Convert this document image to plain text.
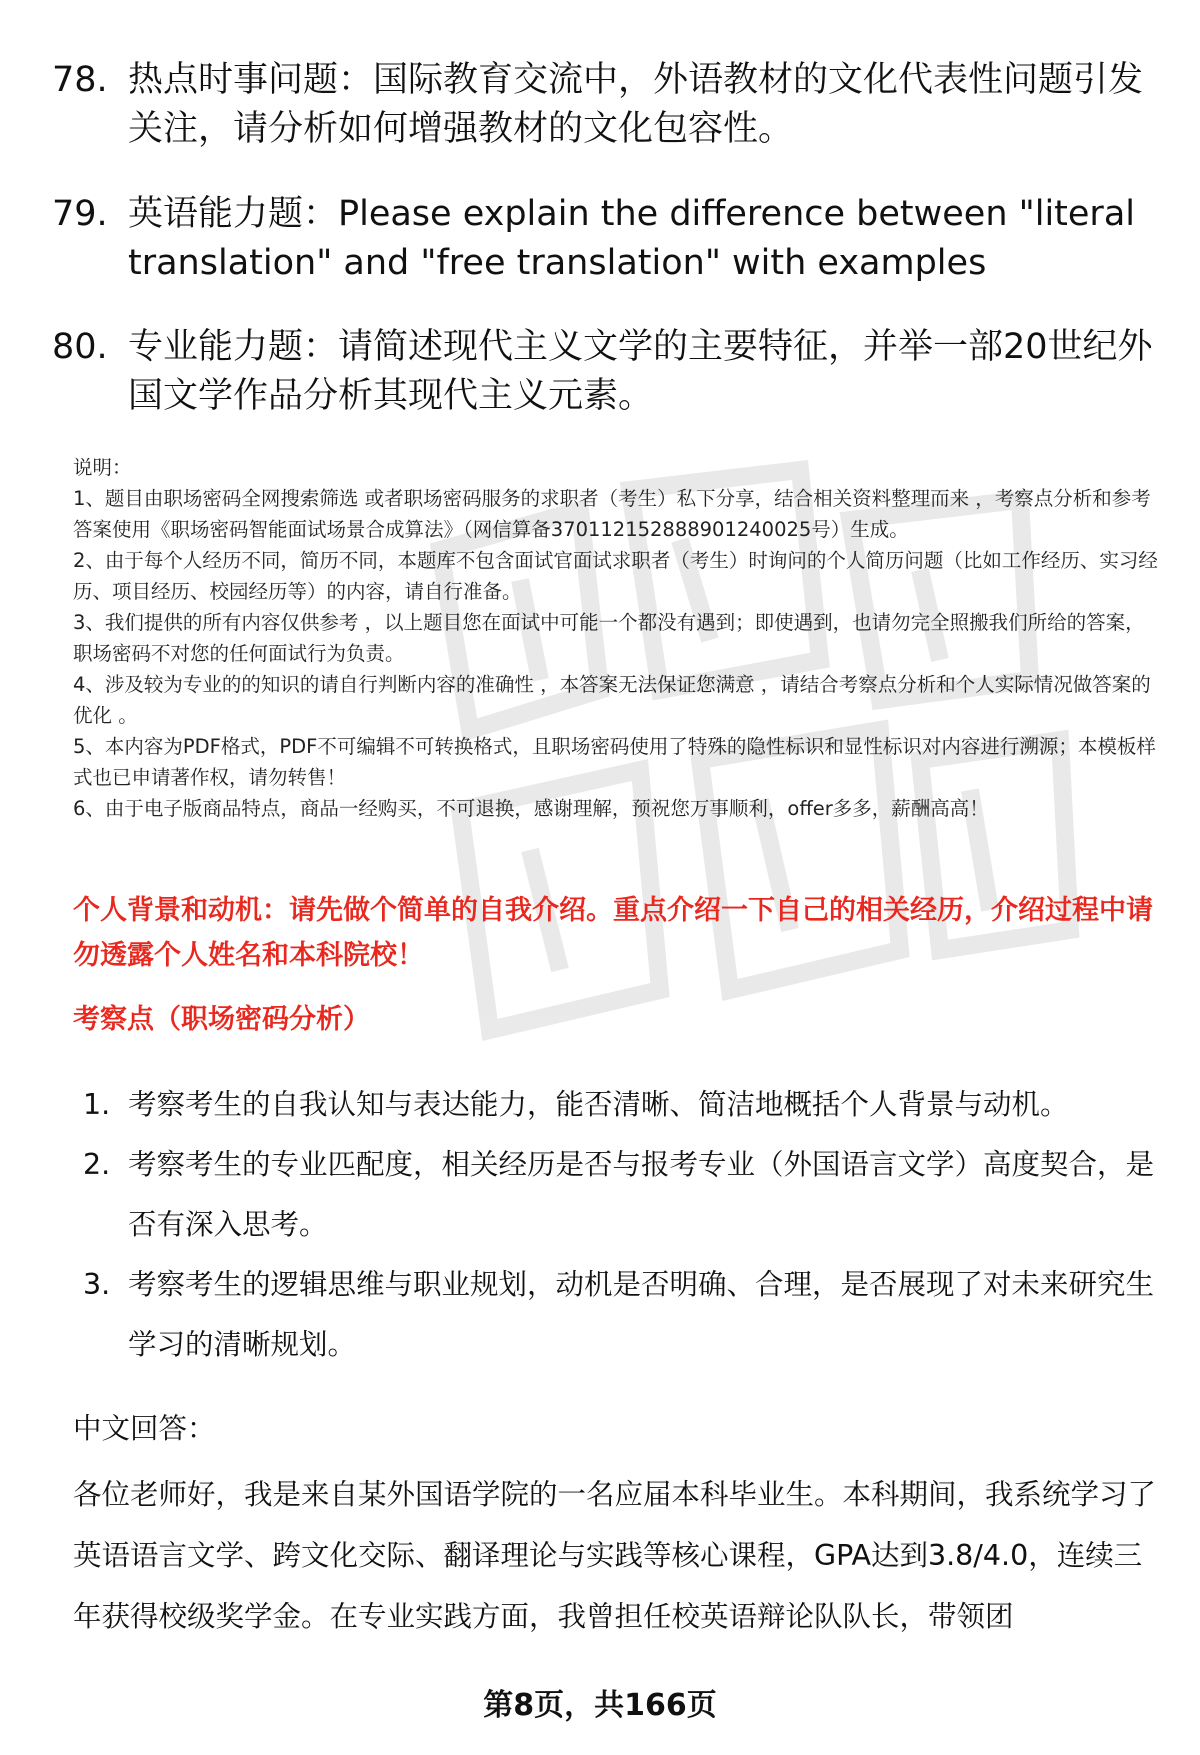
78. 热点时事问题：国际教育交流中，外语教材的文化代表性问题引发关注，请分析如何增强教材的文化包容性。
79. 英语能力题：Please explain the difference between "literal translation" and "free translation" with examples
80. 专业能力题：请简述现代主义文学的主要特征，并举一部20世纪外国文学作品分析其现代主义元素。
说明：
1、题目由职场密码全网搜索筛选 或者职场密码服务的求职者（考生）私下分享，结合相关资料整理而来 ，考察点分析和参考答案使用《职场密码智能面试场景合成算法》（网信算备370112152888901240025号）生成。
2、由于每个人经历不同，简历不同，本题库不包含面试官面试求职者（考生）时询问的个人简历问题（比如工作经历、实习经历、项目经历、校园经历等）的内容，请自行准备。
3、我们提供的所有内容仅供参考 ，以上题目您在面试中可能一个都没有遇到；即使遇到，也请勿完全照搬我们所给的答案，职场密码不对您的任何面试行为负责。
4、涉及较为专业的的知识的请自行判断内容的准确性 ，本答案无法保证您满意 ，请结合考察点分析和个人实际情况做答案的优化 。
5、本内容为PDF格式，PDF不可编辑不可转换格式，且职场密码使用了特殊的隐性标识和显性标识对内容进行溯源；本模板样式也已申请著作权，请勿转售！
6、由于电子版商品特点，商品一经购买，不可退换，感谢理解，预祝您万事顺利，offer多多，薪酬高高！
个人背景和动机：请先做个简单的自我介绍。重点介绍一下自己的相关经历，介绍过程中请勿透露个人姓名和本科院校！
考察点（职场密码分析）
1. 考察考生的自我认知与表达能力，能否清晰、简洁地概括个人背景与动机。
2. 考察考生的专业匹配度，相关经历是否与报考专业（外国语言文学）高度契合，是否有深入思考。
3. 考察考生的逻辑思维与职业规划，动机是否明确、合理，是否展现了对未来研究生学习的清晰规划。
中文回答：
各位老师好，我是来自某外国语学院的一名应届本科毕业生。本科期间，我系统学习了英语语言文学、跨文化交际、翻译理论与实践等核心课程，GPA达到3.8/4.0，连续三年获得校级奖学金。在专业实践方面，我曾担任校英语辩论队队长，带领团
第8页，共166页
